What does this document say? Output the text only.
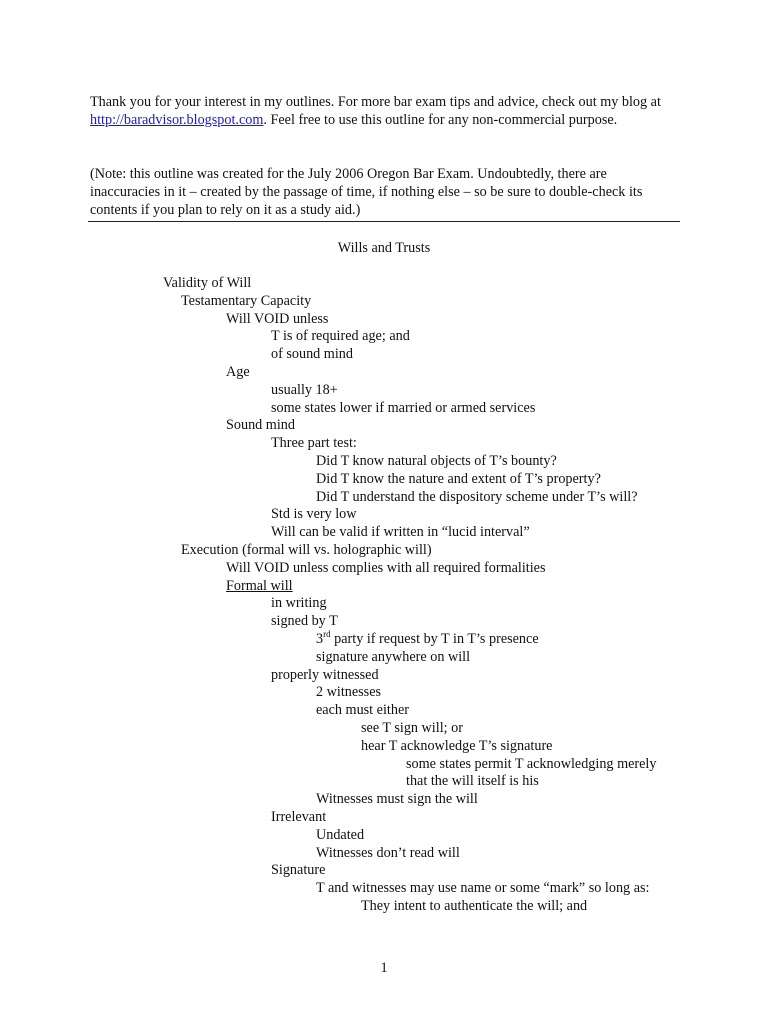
Thank you for your interest in my outlines. For more bar exam tips and advice, check out my blog at http://baradvisor.blogspot.com. Feel free to use this outline for any non-commercial purpose.

(Note: this outline was created for the July 2006 Oregon Bar Exam. Undoubtedly, there are inaccuracies in it – created by the passage of time, if nothing else – so be sure to double-check its contents if you plan to rely on it as a study aid.)

Wills and Trusts
Validity of Will
Testamentary Capacity
Will VOID unless
T is of required age; and
of sound mind
Age
usually 18+
some states lower if married or armed services
Sound mind
Three part test:
Did T know natural objects of T’s bounty?
Did T know the nature and extent of T’s property?
Did T understand the dispository scheme under T’s will?
Std is very low
Will can be valid if written in “lucid interval”
Execution (formal will vs. holographic will)
Will VOID unless complies with all required formalities
Formal will
in writing
signed by T
3rd party if request by T in T’s presence
signature anywhere on will
properly witnessed
2 witnesses
each must either
see T sign will; or
hear T acknowledge T’s signature
some states permit T acknowledging merely
that the will itself is his
Witnesses must sign the will
Irrelevant
Undated
Witnesses don’t read will
Signature
T and witnesses may use name or some “mark” so long as:
They intent to authenticate the will; and
1
